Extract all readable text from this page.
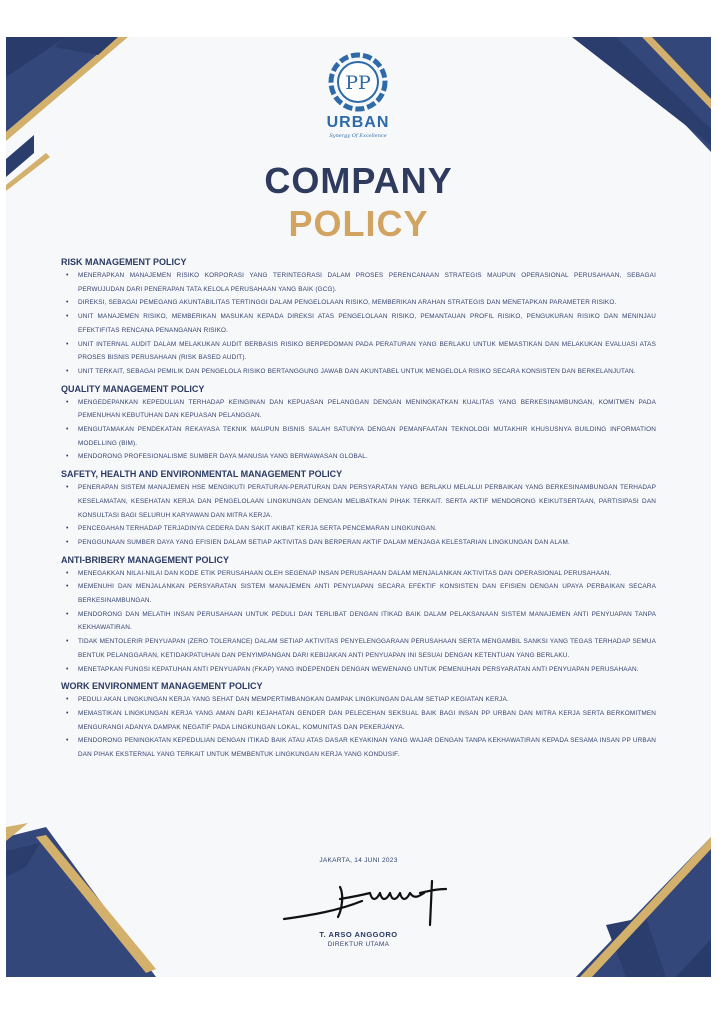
PP
URBAN
Synergy Of Excellence
COMPANY
POLICY
RISK MANAGEMENT POLICY
• MENERAPKAN MANAJEMEN RISIKO KORPORASI YANG TERINTEGRASI DALAM PROSES PERENCANAAN STRATEGIS MAUPUN OPERASIONAL PERUSAHAAN, SEBAGAI PERWUJUDAN DARI PENERAPAN TATA KELOLA PERUSAHAAN YANG BAIK (GCG).
• DIREKSI, SEBAGAI PEMEGANG AKUNTABILITAS TERTINGGI DALAM PENGELOLAAN RISIKO, MEMBERIKAN ARAHAN STRATEGIS DAN MENETAPKAN PARAMETER RISIKO.
• UNIT MANAJEMEN RISIKO, MEMBERIKAN MASUKAN KEPADA DIREKSI ATAS PENGELOLAAN RISIKO, PEMANTAUAN PROFIL RISIKO, PENGUKURAN RISIKO DAN MENINJAU EFEKTIFITAS RENCANA PENANGANAN RISIKO.
• UNIT INTERNAL AUDIT DALAM MELAKUKAN AUDIT BERBASIS RISIKO BERPEDOMAN PADA PERATURAN YANG BERLAKU UNTUK MEMASTIKAN DAN MELAKUKAN EVALUASI ATAS PROSES BISNIS PERUSAHAAN (RISK BASED AUDIT).
• UNIT TERKAIT, SEBAGAI PEMILIK DAN PENGELOLA RISIKO BERTANGGUNG JAWAB DAN AKUNTABEL UNTUK MENGELOLA RISIKO SECARA KONSISTEN DAN BERKELANJUTAN.
QUALITY MANAGEMENT POLICY
• MENGEDEPANKAN KEPEDULIAN TERHADAP KEINGINAN DAN KEPUASAN PELANGGAN DENGAN MENINGKATKAN KUALITAS YANG BERKESINAMBUNGAN, KOMITMEN PADA PEMENUHAN KEBUTUHAN DAN KEPUASAN PELANGGAN.
• MENGUTAMAKAN PENDEKATAN REKAYASA TEKNIK MAUPUN BISNIS SALAH SATUNYA DENGAN PEMANFAATAN TEKNOLOGI MUTAKHIR KHUSUSNYA BUILDING INFORMATION MODELLING (BIM).
• MENDORONG PROFESIONALISME SUMBER DAYA MANUSIA YANG BERWAWASAN GLOBAL.
SAFETY, HEALTH AND ENVIRONMENTAL MANAGEMENT POLICY
• PENERAPAN SISTEM MANAJEMEN HSE MENGIKUTI PERATURAN-PERATURAN DAN PERSYARATAN YANG BERLAKU MELALUI PERBAIKAN YANG BERKESINAMBUNGAN TERHADAP KESELAMATAN, KESEHATAN KERJA DAN PENGELOLAAN LINGKUNGAN DENGAN MELIBATKAN PIHAK TERKAIT. SERTA AKTIF MENDORONG KEIKUTSERTAAN, PARTISIPASI DAN KONSULTASI BAGI SELURUH KARYAWAN DAN MITRA KERJA.
• PENCEGAHAN TERHADAP TERJADINYA CEDERA DAN SAKIT AKIBAT KERJA SERTA PENCEMARAN LINGKUNGAN.
• PENGGUNAAN SUMBER DAYA YANG EFISIEN DALAM SETIAP AKTIVITAS DAN BERPERAN AKTIF DALAM MENJAGA KELESTARIAN LINGKUNGAN DAN ALAM.
ANTI-BRIBERY MANAGEMENT POLICY
• MENEGAKKAN NILAI-NILAI DAN KODE ETIK PERUSAHAAN OLEH SEGENAP INSAN PERUSAHAAN DALAM MENJALANKAN AKTIVITAS DAN OPERASIONAL PERUSAHAAN.
• MEMENUHI DAN MENJALANKAN PERSYARATAN SISTEM MANAJEMEN ANTI PENYUAPAN SECARA EFEKTIF KONSISTEN DAN EFISIEN DENGAN UPAYA PERBAIKAN SECARA BERKESINAMBUNGAN.
• MENDORONG DAN MELATIH INSAN PERUSAHAAN UNTUK PEDULI DAN TERLIBAT DENGAN ITIKAD BAIK DALAM PELAKSANAAN SISTEM MANAJEMEN ANTI PENYUAPAN TANPA KEKHAWATIRAN.
• TIDAK MENTOLERIR PENYUAPAN (ZERO TOLERANCE) DALAM SETIAP AKTIVITAS PENYELENGGARAAN PERUSAHAAN SERTA MENGAMBIL SANKSI YANG TEGAS TERHADAP SEMUA BENTUK PELANGGARAN, KETIDAKPATUHAN DAN PENYIMPANGAN DARI KEBIJAKAN ANTI PENYUAPAN INI SESUAI DENGAN KETENTUAN YANG BERLAKU.
• MENETAPKAN FUNGSI KEPATUHAN ANTI PENYUAPAN (FKAP) YANG INDEPENDEN DENGAN WEWENANG UNTUK PEMENUHAN PERSYARATAN ANTI PENYUAPAN PERUSAHAAN.
WORK ENVIRONMENT MANAGEMENT POLICY
• PEDULI AKAN LINGKUNGAN KERJA YANG SEHAT DAN MEMPERTIMBANGKAN DAMPAK LINGKUNGAN DALAM SETIAP KEGIATAN KERJA.
• MEMASTIKAN LINGKUNGAN KERJA YANG AMAN DARI KEJAHATAN GENDER DAN PELECEHAN SEKSUAL BAIK BAGI INSAN PP URBAN DAN MITRA KERJA SERTA BERKOMITMEN MENGURANGI ADANYA DAMPAK NEGATIF PADA LINGKUNGAN LOKAL, KOMUNITAS DAN PEKERJANYA.
• MENDORONG PENINGKATAN KEPEDULIAN DENGAN ITIKAD BAIK ATAU ATAS DASAR KEYAKINAN YANG WAJAR DENGAN TANPA KEKHAWATIRAN KEPADA SESAMA INSAN PP URBAN DAN PIHAK EKSTERNAL YANG TERKAIT UNTUK MEMBENTUK LINGKUNGAN KERJA YANG KONDUSIF.
JAKARTA, 14 JUNI 2023
T. ARSO ANGGORO
DIREKTUR UTAMA
